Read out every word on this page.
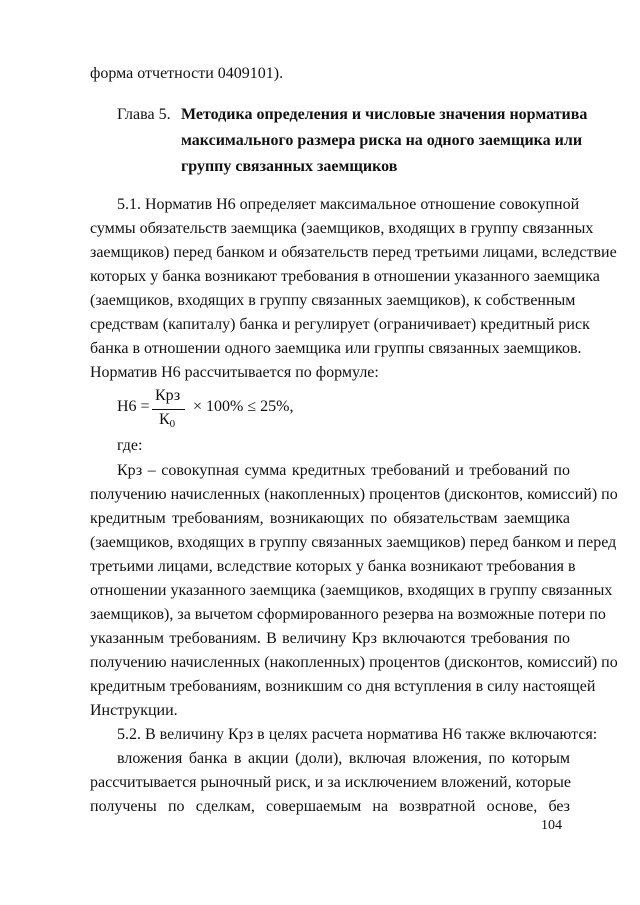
форма отчетности 0409101).
Глава 5. Методика определения и числовые значения норматива
максимального размера риска на одного заемщика или
группу связанных заемщиков
5.1. Норматив Н6 определяет максимальное отношение совокупной
суммы обязательств заемщика (заемщиков, входящих в группу связанных
заемщиков) перед банком и обязательств перед третьими лицами, вследствие
которых у банка возникают требования в отношении указанного заемщика
(заемщиков, входящих в группу связанных заемщиков), к собственным
средствам (капиталу) банка и регулирует (ограничивает) кредитный риск
банка в отношении одного заемщика или группы связанных заемщиков.
Норматив Н6 рассчитывается по формуле:
Н6 =
Крз
$К_0$
× 100% ≤ 25%,
где:
Крз – совокупная сумма кредитных требований и требований по
получению начисленных (накопленных) процентов (дисконтов, комиссий) по
кредитным требованиям, возникающих по обязательствам заемщика
(заемщиков, входящих в группу связанных заемщиков) перед банком и перед
третьими лицами, вследствие которых у банка возникают требования в
отношении указанного заемщика (заемщиков, входящих в группу связанных
заемщиков), за вычетом сформированного резерва на возможные потери по
указанным требованиям. В величину Крз включаются требования по
получению начисленных (накопленных) процентов (дисконтов, комиссий) по
кредитным требованиям, возникшим со дня вступления в силу настоящей
Инструкции.
5.2. В величину Крз в целях расчета норматива Н6 также включаются:
вложения банка в акции (доли), включая вложения, по которым
рассчитывается рыночный риск, и за исключением вложений, которые
получены по сделкам, совершаемым на возвратной основе, без
104
